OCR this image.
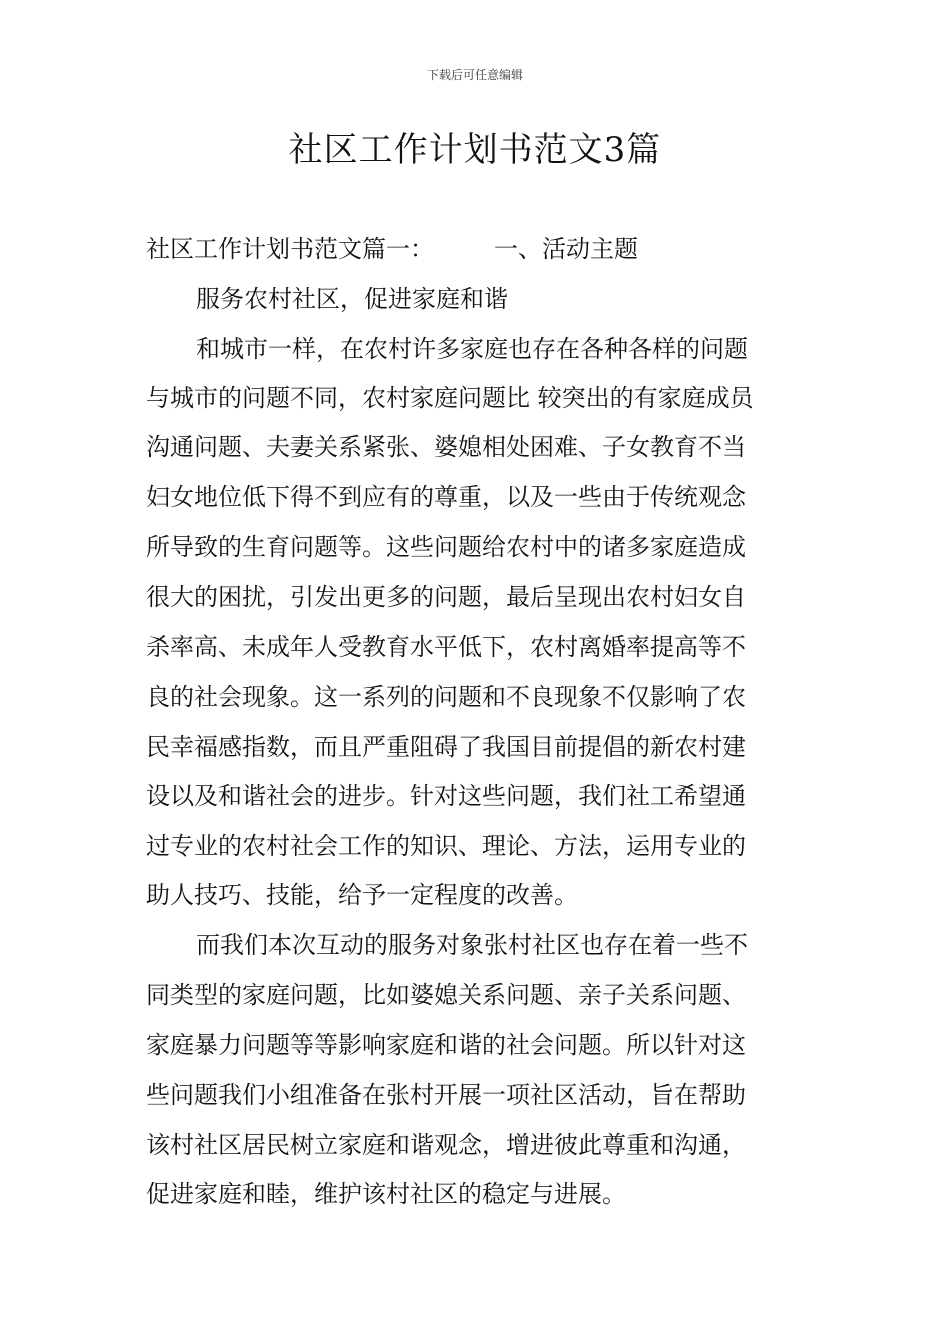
下载后可任意编辑
社区工作计划书范文3篇
社区工作计划书范文篇一：　　　一、活动主题
服务农村社区，促进家庭和谐
和城市一样，在农村许多家庭也存在各种各样的问题
与城市的问题不同，农村家庭问题比 较突出的有家庭成员
沟通问题、夫妻关系紧张、婆媳相处困难、子女教育不当
妇女地位低下得不到应有的尊重，以及一些由于传统观念
所导致的生育问题等。这些问题给农村中的诸多家庭造成
很大的困扰，引发出更多的问题，最后呈现出农村妇女自
杀率高、未成年人受教育水平低下，农村离婚率提高等不
良的社会现象。这一系列的问题和不良现象不仅影响了农
民幸福感指数，而且严重阻碍了我国目前提倡的新农村建
设以及和谐社会的进步。针对这些问题，我们社工希望通
过专业的农村社会工作的知识、理论、方法，运用专业的
助人技巧、技能，给予一定程度的改善。
而我们本次互动的服务对象张村社区也存在着一些不
同类型的家庭问题，比如婆媳关系问题、亲子关系问题、
家庭暴力问题等等影响家庭和谐的社会问题。所以针对这
些问题我们小组准备在张村开展一项社区活动，旨在帮助
该村社区居民树立家庭和谐观念，增进彼此尊重和沟通，
促进家庭和睦，维护该村社区的稳定与进展。
